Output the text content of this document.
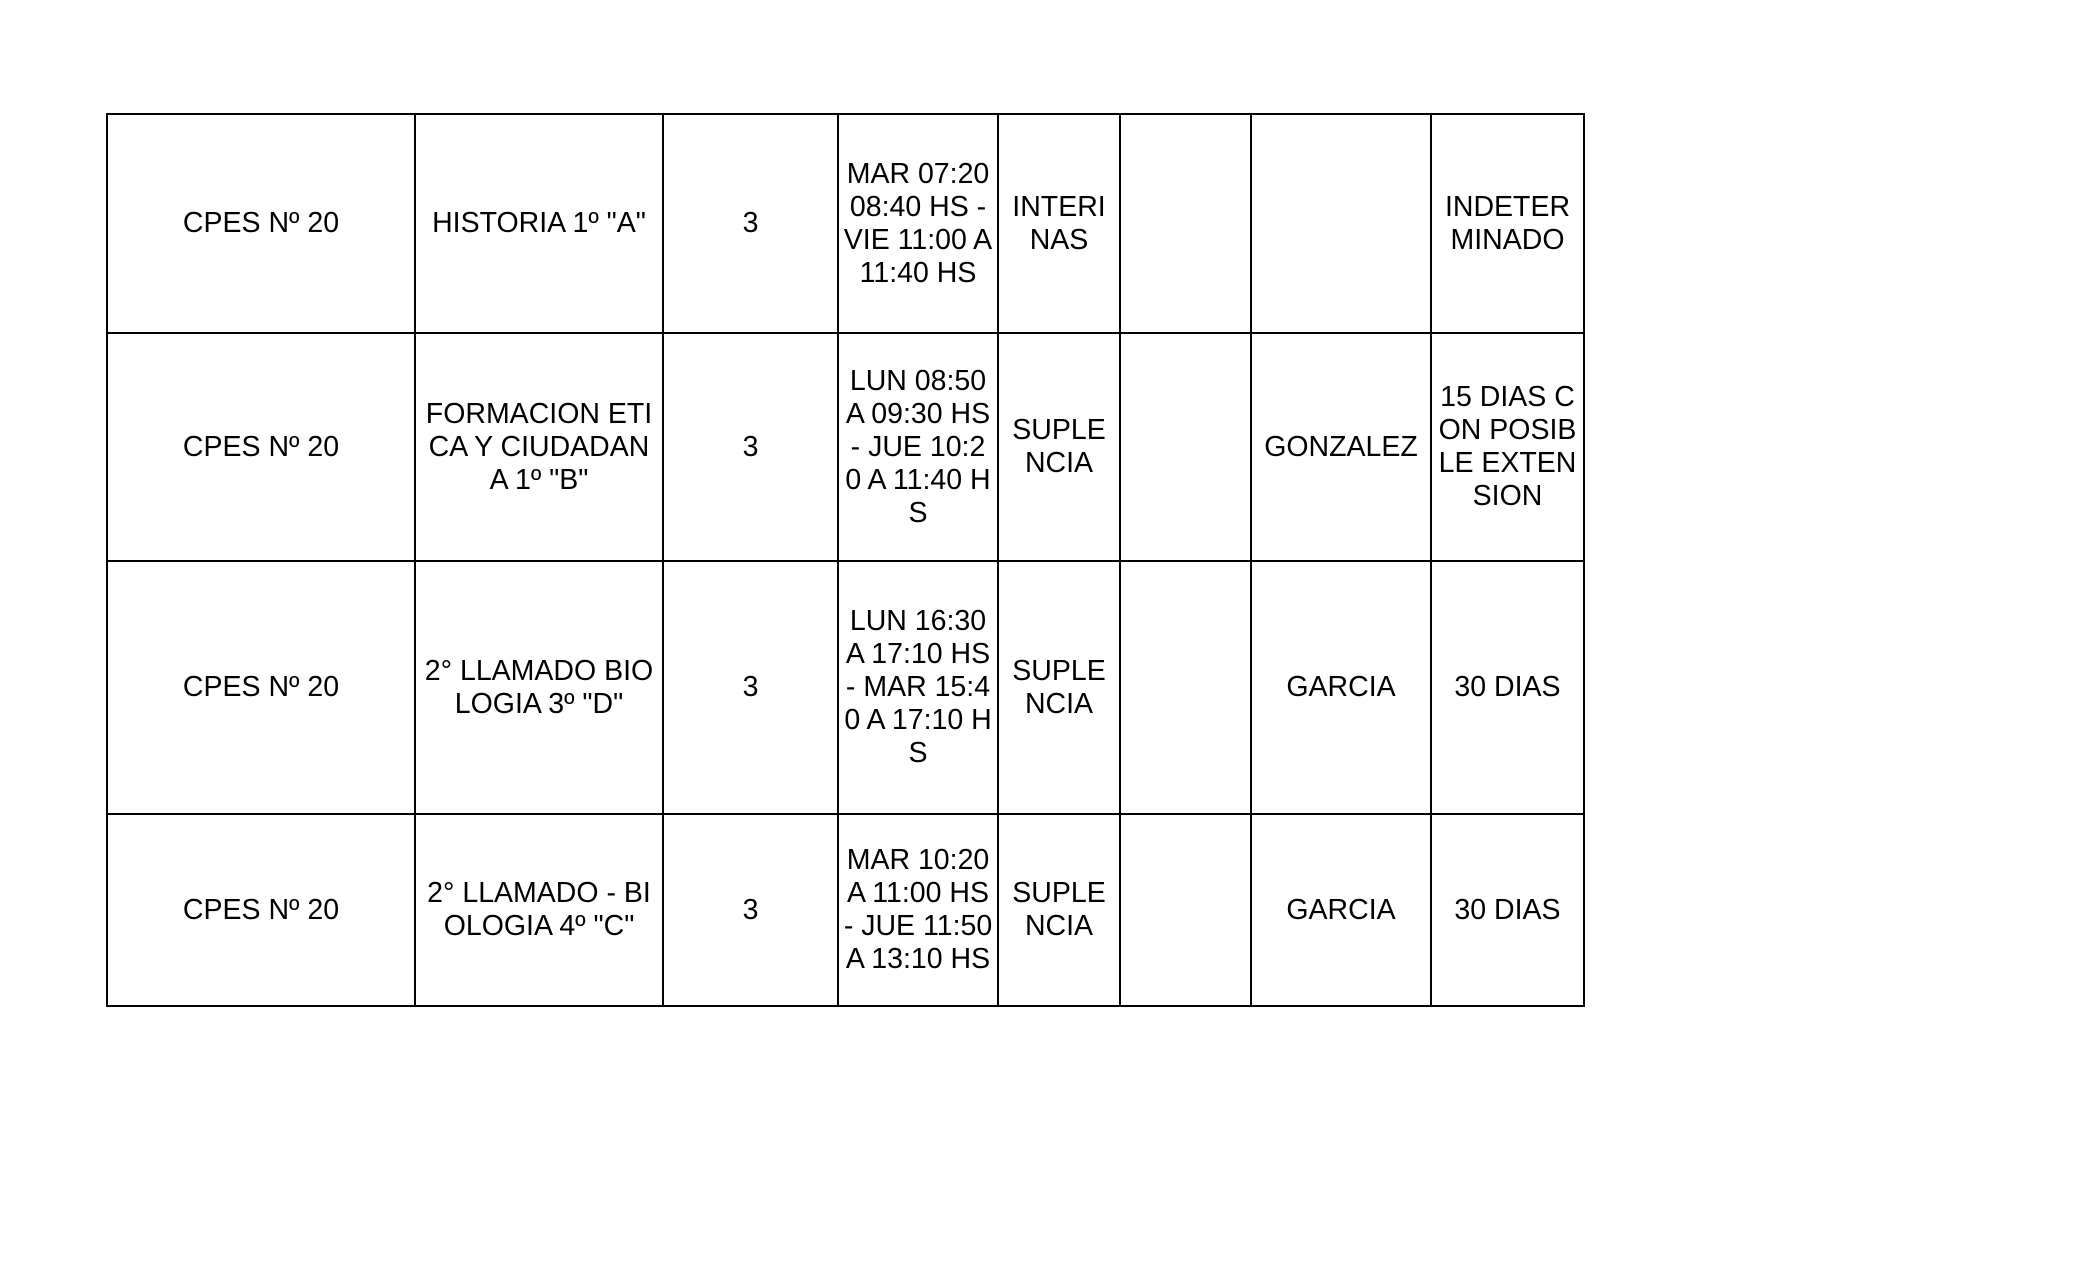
CPES Nº 20	HISTORIA 1º "A"	3	MAR 07:20 08:40 HS - VIE 11:00 A 11:40 HS	INTERINAS			INDETERMINADO
CPES Nº 20	FORMACION ETICA Y CIUDADANA 1º "B"	3	LUN 08:50 A 09:30 HS - JUE 10:20 A 11:40 HS	SUPLENCIA		GONZALEZ	15 DIAS CON POSIBLE EXTENSION
CPES Nº 20	2° LLAMADO BIOLOGIA 3º "D"	3	LUN 16:30 A 17:10 HS - MAR 15:40 A 17:10 HS	SUPLENCIA		GARCIA	30 DIAS
CPES Nº 20	2° LLAMADO - BIOLOGIA 4º "C"	3	MAR 10:20 A 11:00 HS - JUE 11:50 A 13:10 HS	SUPLENCIA		GARCIA	30 DIAS
